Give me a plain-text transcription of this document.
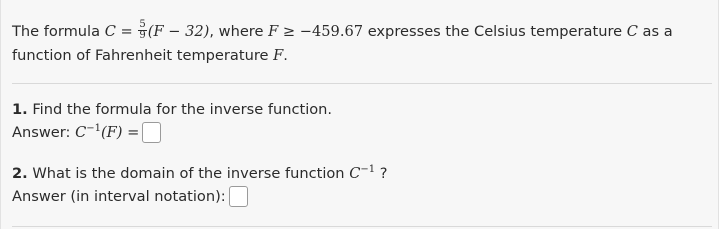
The formula $C = \frac{5}{9} (F - 32)$, where F ≥ −459.67 expresses the Celsius temperature C as a function of Fahrenheit temperature F.
1. Find the formula for the inverse function.
Answer: $C^{-1}(F)$ =
2. What is the domain of the inverse function $C^{-1}$ ?
Answer (in interval notation):
